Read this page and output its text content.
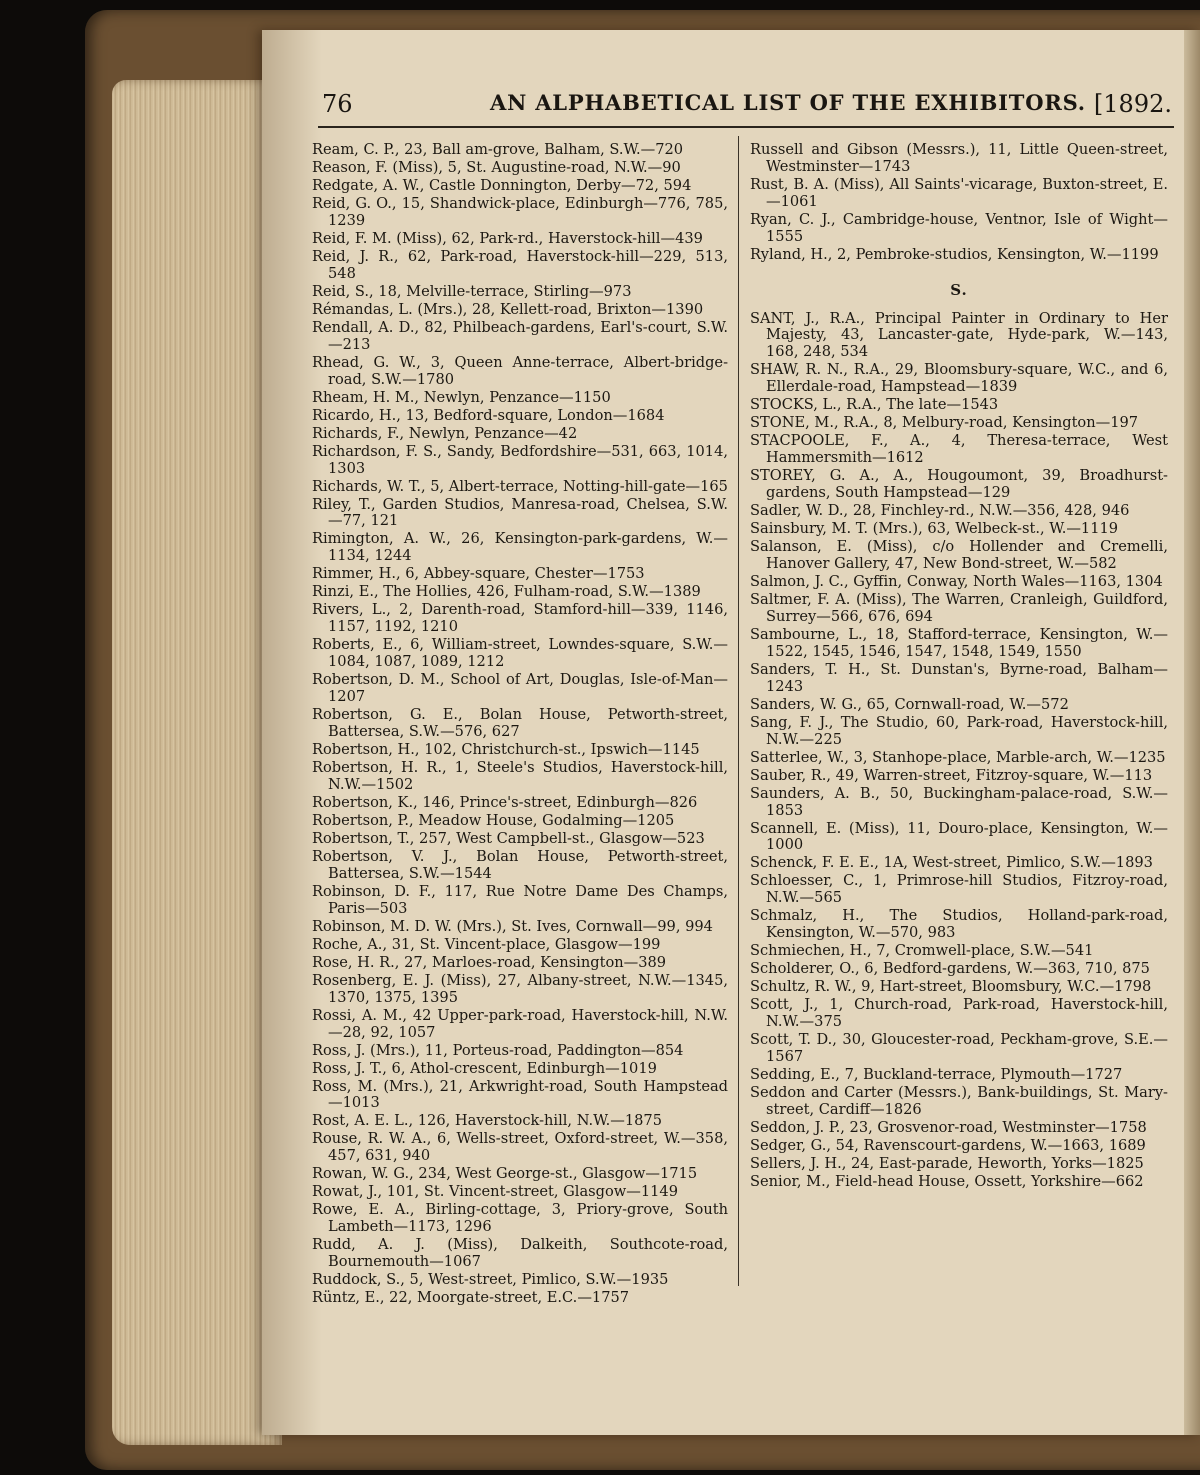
76	AN ALPHABETICAL LIST OF THE EXHIBITORS. [1892.

Ream, C. P., 23, Ball am-grove, Balham, S.W.—720

Reason, F. (Miss), 5, St. Augustine-road, N.W.—90

Redgate, A. W., Castle Donnington, Derby—72, 594

Reid, G. O., 15, Shandwick-place, Edinburgh—776, 785, 1239

Reid, F. M. (Miss), 62, Park-rd., Haverstock-hill—439

Reid, J. R., 62, Park-road, Haverstock-hill—229, 513, 548

Reid, S., 18, Melville-terrace, Stirling—973

Rémandas, L. (Mrs.), 28, Kellett-road, Brixton—1390

Rendall, A. D., 82, Philbeach-gardens, Earl's-court, S.W.—213

Rhead, G. W., 3, Queen Anne-terrace, Albert-bridge-road, S.W.—1780

Rheam, H. M., Newlyn, Penzance—1150

Ricardo, H., 13, Bedford-square, London—1684

Richards, F., Newlyn, Penzance—42

Richardson, F. S., Sandy, Bedfordshire—531, 663, 1014, 1303

Richards, W. T., 5, Albert-terrace, Notting-hill-gate—165

Riley, T., Garden Studios, Manresa-road, Chelsea, S.W.—77, 121

Rimington, A. W., 26, Kensington-park-gardens, W.—1134, 1244

Rimmer, H., 6, Abbey-square, Chester—1753

Rinzi, E., The Hollies, 426, Fulham-road, S.W.—1389

Rivers, L., 2, Darenth-road, Stamford-hill—339, 1146, 1157, 1192, 1210

Roberts, E., 6, William-street, Lowndes-square, S.W.—1084, 1087, 1089, 1212

Robertson, D. M., School of Art, Douglas, Isle-of-Man—1207

Robertson, G. E., Bolan House, Petworth-street, Battersea, S.W.—576, 627

Robertson, H., 102, Christchurch-st., Ipswich—1145

Robertson, H. R., 1, Steele's Studios, Haverstock-hill, N.W.—1502

Robertson, K., 146, Prince's-street, Edinburgh—826

Robertson, P., Meadow House, Godalming—1205

Robertson, T., 257, West Campbell-st., Glasgow—523

Robertson, V. J., Bolan House, Petworth-street, Battersea, S.W.—1544

Robinson, D. F., 117, Rue Notre Dame Des Champs, Paris—503

Robinson, M. D. W. (Mrs.), St. Ives, Cornwall—99, 994

Roche, A., 31, St. Vincent-place, Glasgow—199

Rose, H. R., 27, Marloes-road, Kensington—389

Rosenberg, E. J. (Miss), 27, Albany-street, N.W.—1345, 1370, 1375, 1395

Rossi, A. M., 42 Upper-park-road, Haverstock-hill, N.W.—28, 92, 1057

Ross, J. (Mrs.), 11, Porteus-road, Paddington—854

Ross, J. T., 6, Athol-crescent, Edinburgh—1019

Ross, M. (Mrs.), 21, Arkwright-road, South Hampstead—1013

Rost, A. E. L., 126, Haverstock-hill, N.W.—1875

Rouse, R. W. A., 6, Wells-street, Oxford-street, W.—358, 457, 631, 940

Rowan, W. G., 234, West George-st., Glasgow—1715

Rowat, J., 101, St. Vincent-street, Glasgow—1149

Rowe, E. A., Birling-cottage, 3, Priory-grove, South Lambeth—1173, 1296

Rudd, A. J. (Miss), Dalkeith, Southcote-road, Bournemouth—1067

Ruddock, S., 5, West-street, Pimlico, S.W.—1935

Rüntz, E., 22, Moorgate-street, E.C.—1757

Russell and Gibson (Messrs.), 11, Little Queen-street, Westminster—1743

Rust, B. A. (Miss), All Saints'-vicarage, Buxton-street, E.—1061

Ryan, C. J., Cambridge-house, Ventnor, Isle of Wight—1555

Ryland, H., 2, Pembroke-studios, Kensington, W.—1199

S.

SANT, J., R.A., Principal Painter in Ordinary to Her Majesty, 43, Lancaster-gate, Hyde-park, W.—143, 168, 248, 534

SHAW, R. N., R.A., 29, Bloomsbury-square, W.C., and 6, Ellerdale-road, Hampstead—1839

STOCKS, L., R.A., The late—1543

STONE, M., R.A., 8, Melbury-road, Kensington—197

STACPOOLE, F., A., 4, Theresa-terrace, West Hammersmith—1612

STOREY, G. A., A., Hougoumont, 39, Broadhurst-gardens, South Hampstead—129

Sadler, W. D., 28, Finchley-rd., N.W.—356, 428, 946

Sainsbury, M. T. (Mrs.), 63, Welbeck-st., W.—1119

Salanson, E. (Miss), c/o Hollender and Cremelli, Hanover Gallery, 47, New Bond-street, W.—582

Salmon, J. C., Gyffin, Conway, North Wales—1163, 1304

Saltmer, F. A. (Miss), The Warren, Cranleigh, Guildford, Surrey—566, 676, 694

Sambourne, L., 18, Stafford-terrace, Kensington, W.—1522, 1545, 1546, 1547, 1548, 1549, 1550

Sanders, T. H., St. Dunstan's, Byrne-road, Balham—1243

Sanders, W. G., 65, Cornwall-road, W.—572

Sang, F. J., The Studio, 60, Park-road, Haverstock-hill, N.W.—225

Satterlee, W., 3, Stanhope-place, Marble-arch, W.—1235

Sauber, R., 49, Warren-street, Fitzroy-square, W.—113

Saunders, A. B., 50, Buckingham-palace-road, S.W.—1853

Scannell, E. (Miss), 11, Douro-place, Kensington, W.—1000

Schenck, F. E. E., 1A, West-street, Pimlico, S.W.—1893

Schloesser, C., 1, Primrose-hill Studios, Fitzroy-road, N.W.—565

Schmalz, H., The Studios, Holland-park-road, Kensington, W.—570, 983

Schmiechen, H., 7, Cromwell-place, S.W.—541

Scholderer, O., 6, Bedford-gardens, W.—363, 710, 875

Schultz, R. W., 9, Hart-street, Bloomsbury, W.C.—1798

Scott, J., 1, Church-road, Park-road, Haverstock-hill, N.W.—375

Scott, T. D., 30, Gloucester-road, Peckham-grove, S.E.—1567

Sedding, E., 7, Buckland-terrace, Plymouth—1727

Seddon and Carter (Messrs.), Bank-buildings, St. Mary-street, Cardiff—1826

Seddon, J. P., 23, Grosvenor-road, Westminster—1758

Sedger, G., 54, Ravenscourt-gardens, W.—1663, 1689

Sellers, J. H., 24, East-parade, Heworth, Yorks—1825

Senior, M., Field-head House, Ossett, Yorkshire—662
